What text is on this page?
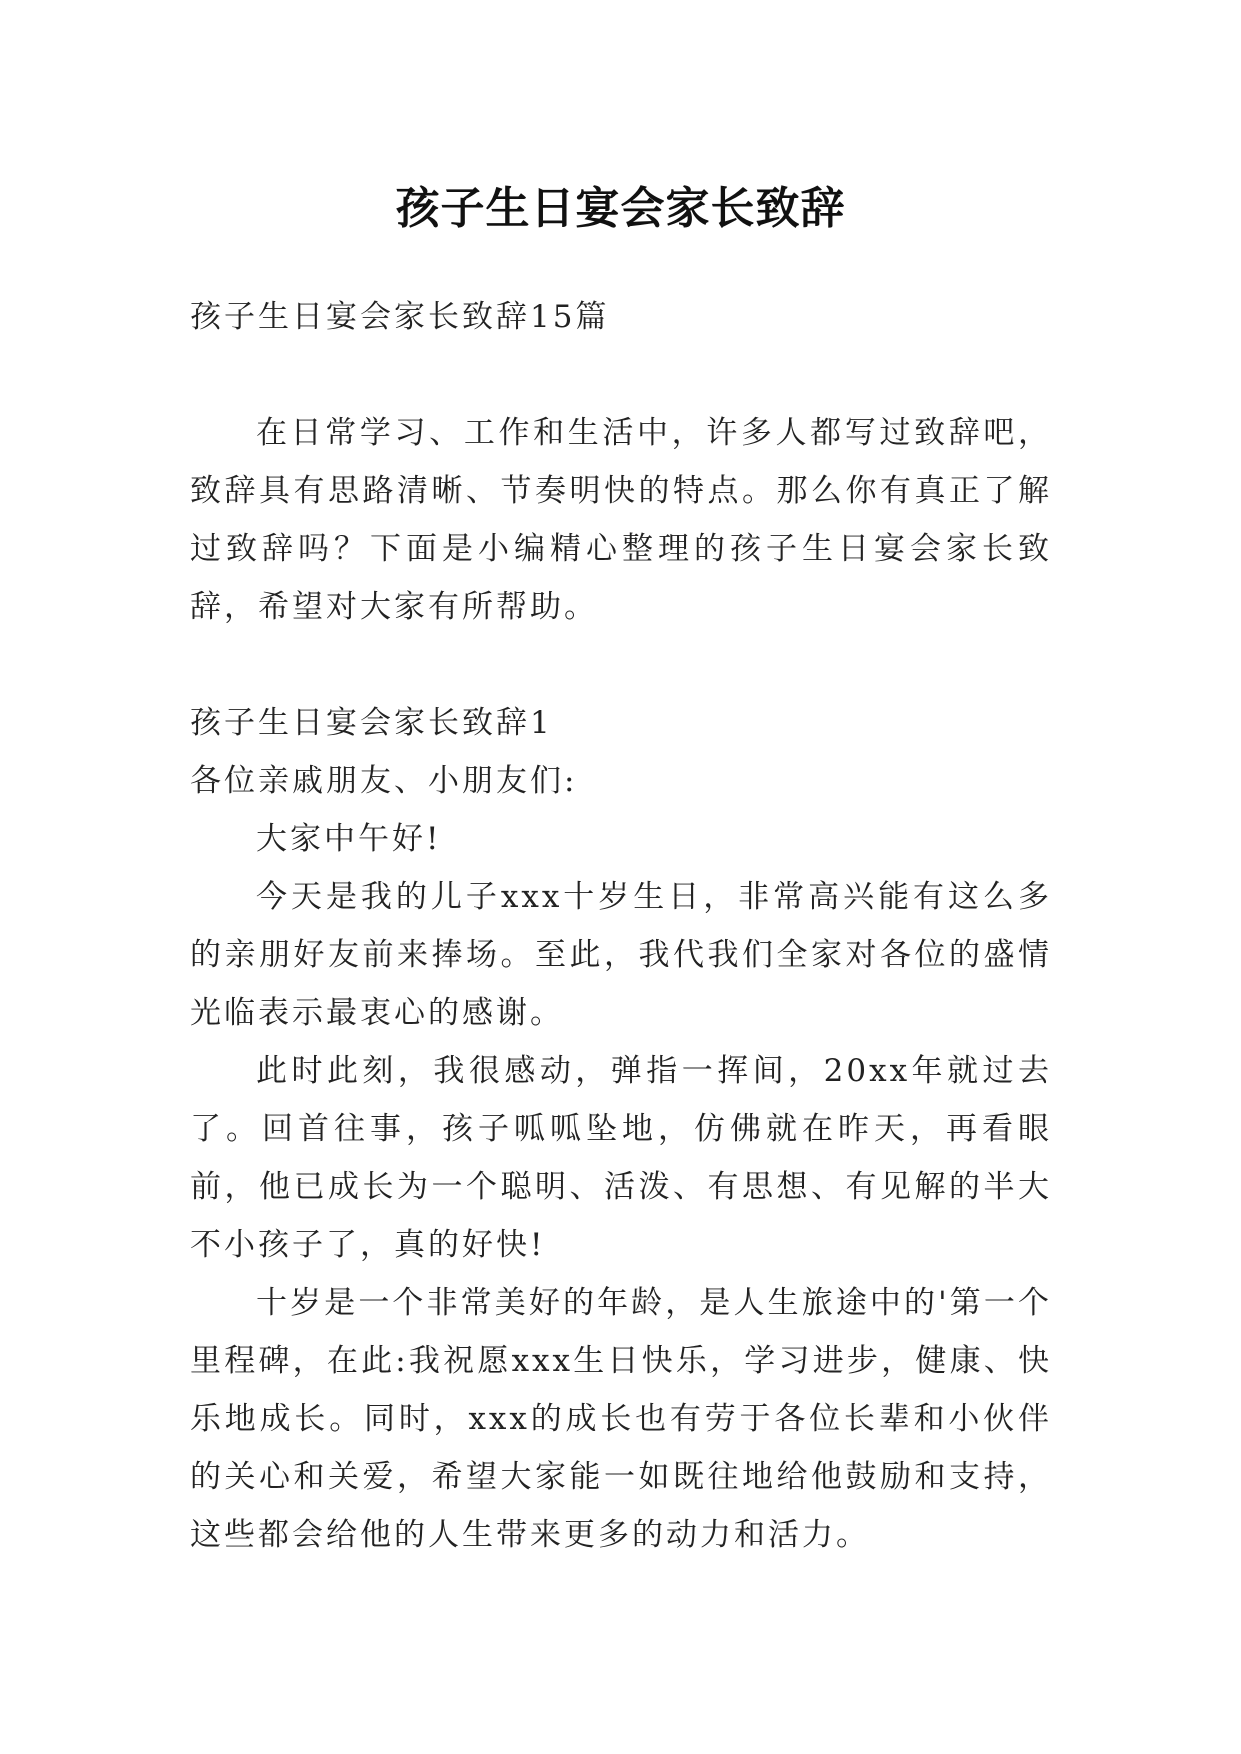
孩子生日宴会家长致辞

孩子生日宴会家长致辞15篇

在日常学习、工作和生活中，许多人都写过致辞吧，致辞具有思路清晰、节奏明快的特点。那么你有真正了解过致辞吗？下面是小编精心整理的孩子生日宴会家长致辞，希望对大家有所帮助。

孩子生日宴会家长致辞1

各位亲戚朋友、小朋友们:

大家中午好!

今天是我的儿子xxx十岁生日，非常高兴能有这么多的亲朋好友前来捧场。至此，我代我们全家对各位的盛情光临表示最衷心的感谢。

此时此刻，我很感动，弹指一挥间，20xx年就过去了。回首往事，孩子呱呱坠地，仿佛就在昨天，再看眼前，他已成长为一个聪明、活泼、有思想、有见解的半大不小孩子了，真的好快!

十岁是一个非常美好的年龄，是人生旅途中的'第一个里程碑，在此:我祝愿xxx生日快乐，学习进步，健康、快乐地成长。同时，xxx的成长也有劳于各位长辈和小伙伴的关心和关爱，希望大家能一如既往地给他鼓励和支持，这些都会给他的人生带来更多的动力和活力。
